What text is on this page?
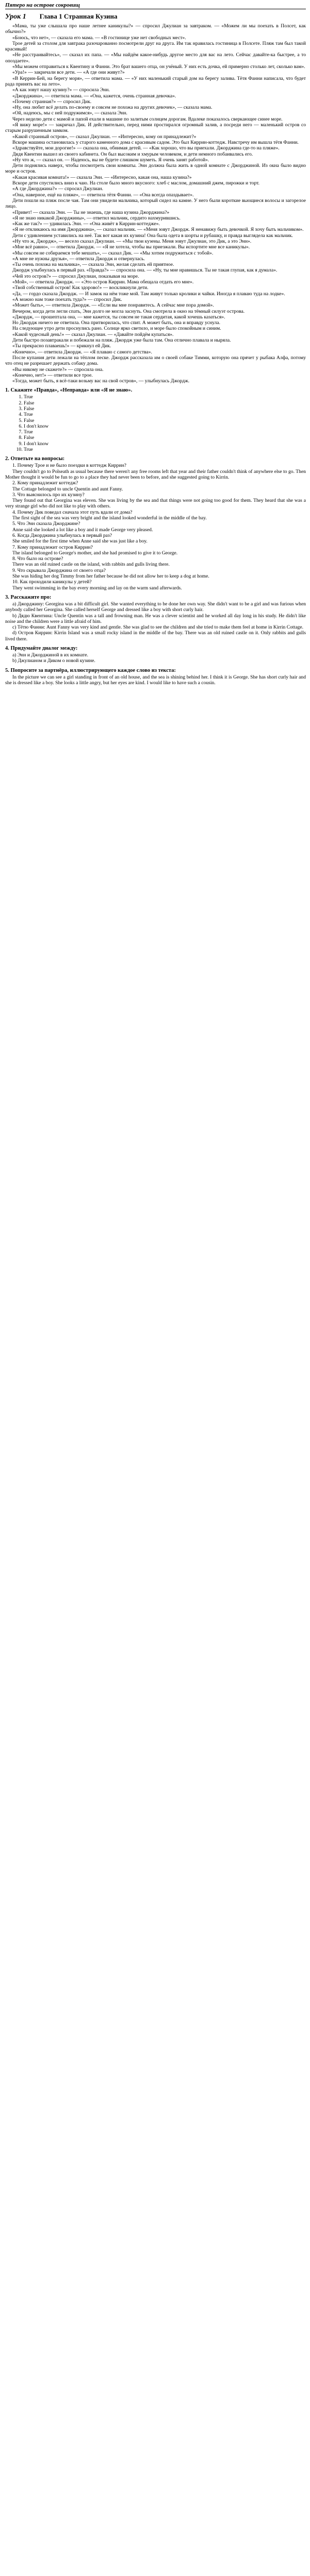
Пятеро на острове сокровищ
Урок 1 Глава 1 Странная Кузина

«Мама, ты уже слышала про наше летнее каникулы?» — спросил Джулиан за завтраком. — «Можем ли мы поехать в Полсет, как обычно?»

«Боюсь, что нет», — сказала его мама. — «В гостинице уже нет свободных мест».

Трое детей за столом для завтрака разочарованно посмотрели друг на друга. Им так нравилась гостиница в Полсете. Пляж там был такой красивый!

«Не расстраивайтесь», — сказал их папа. — «Мы найдём какое-нибудь другое место для вас на лето. Сейчас давайте-ка быстрее, а то опоздаете».

«Мы можем отправиться к Квентину и Фанни. Это брат вашего отца, он учёный. У них есть дочка, ей примерно столько лет, сколько вам».

«Ура!» — закричали все дети. — «А где они живут?»

«В Керрин-Бей, на берегу моря», — ответила мама. — «У них маленький старый дом на берегу залива. Тётя Фанни написала, что будет рада принять вас на лето».

«А как зовут нашу кузину?» — спросила Энн.

«Джорджина», — ответила мама. — «Она, кажется, очень странная девочка».

«Почему странная?» — спросил Дик.

«Ну, она любит всё делать по-своему и совсем не похожа на других девочек», — сказала мама.

«Ой, надеюсь, мы с ней подружимся», — сказала Энн.

Через неделю дети с мамой и папой ехали в машине по залитым солнцем дорогам. Вдалеке показалось сверкающее синее море.

«Я вижу море!» — закричал Дик. И действительно, перед ними простирался огромный залив, а посреди него — маленький остров со старым разрушенным замком.

«Какой странный остров», — сказал Джулиан. — «Интересно, кому он принадлежит?»

Вскоре машина остановилась у старого каменного дома с красивым садом. Это был Киррин-коттедж. Навстречу им вышла тётя Фанни.

«Здравствуйте, мои дорогие!» — сказала она, обнимая детей. — «Как хорошо, что вы приехали. Джорджина где-то на пляже».

Дядя Квентин вышел из своего кабинета. Он был высоким и хмурым человеком, и дети немного побаивались его.

«Ну что ж, — сказал он. — Надеюсь, вы не будете слишком шуметь. Я очень занят работой».

Дети поднялись наверх, чтобы посмотреть свои комнаты. Энн должна была жить в одной комнате с Джорджиной. Из окна было видно море и остров.

«Какая красивая комната!» — сказала Энн. — «Интересно, какая она, наша кузина?»

Вскоре дети спустились вниз к чаю. На столе было много вкусного: хлеб с маслом, домашний джем, пирожки и торт.

«А где Джорджина?» — спросил Джулиан.

«Она, наверное, ещё на пляже», — ответила тётя Фанни. — «Она всегда опаздывает».

Дети пошли на пляж после чая. Там они увидели мальчика, который сидел на камне. У него были короткие вьющиеся волосы и загорелое лицо.

«Привет! — сказала Энн. — Ты не знаешь, где наша кузина Джорджина?»

«Я не знаю никакой Джорджины», — ответил мальчик, сердито нахмурившись.

«Как же так?» — удивилась Энн. — «Она живёт в Киррин-коттедже».

«Я не откликаюсь на имя Джорджина», — сказал мальчик. — «Меня зовут Джордж. Я ненавижу быть девочкой. Я хочу быть мальчиком».

Дети с удивлением уставились на неё. Так вот какая их кузина! Она была одета в шорты и рубашку, и правда выглядела как мальчик.

«Ну что ж, Джордж», — весело сказал Джулиан. — «Мы твои кузены. Меня зовут Джулиан, это Дик, а это Энн».

«Мне всё равно», — ответила Джордж. — «Я не хотела, чтобы вы приезжали. Вы испортите мне все каникулы».

«Мы совсем не собираемся тебе мешать», — сказал Дик. — «Мы хотим подружиться с тобой».

«А мне не нужны друзья», — ответила Джордж и отвернулась.

«Ты очень похожа на мальчика», — сказала Энн, желая сделать ей приятное.

Джордж улыбнулась в первый раз. «Правда?» — спросила она. — «Ну, ты мне нравишься. Ты не такая глупая, как я думала».

«Чей это остров?» — спросил Джулиан, показывая на море.

«Мой», — ответила Джордж. — «Это остров Киррин. Мама обещала отдать его мне».

«Твой собственный остров! Как здорово!» — воскликнули дети.

«Да, — гордо сказала Джордж. — И замок на нём тоже мой. Там живут только кролики и чайки. Иногда я плаваю туда на лодке».

«А можно нам тоже поехать туда?» — спросил Дик.

«Может быть», — ответила Джордж. — «Если вы мне понравитесь. А сейчас мне пора домой».

Вечером, когда дети легли спать, Энн долго не могла заснуть. Она смотрела в окно на тёмный силуэт острова.

«Джордж, — прошептала она, — мне кажется, ты совсем не такая сердитая, какой хочешь казаться».

Но Джордж ничего не ответила. Она притворилась, что спит. А может быть, она и вправду уснула.

На следующее утро дети проснулись рано. Солнце ярко светило, и море было спокойным и синим.

«Какой чудесный день!» — сказал Джулиан. — «Давайте пойдём купаться».

Дети быстро позавтракали и побежали на пляж. Джордж уже была там. Она отлично плавала и ныряла.

«Ты прекрасно плаваешь!» — крикнул ей Дик.

«Конечно», — ответила Джордж. — «Я плаваю с самого детства».

После купания дети лежали на тёплом песке. Джордж рассказала им о своей собаке Тимми, которую она прячет у рыбака Алфа, потому что отец не разрешает держать собаку дома.

«Вы никому не скажете?» — спросила она.

«Конечно, нет!» — ответили все трое.

«Тогда, может быть, я всё-таки возьму вас на свой остров», — улыбнулась Джордж.

1. Скажите «Правда», «Неправда» или «Я не знаю».
1. True
2. False
3. False
4. True
5. False
6. I don't know
7. True
8. False
9. I don't know
10. True
2. Ответьте на вопросы:

1. Почему Трое и не было поездки в коттедж Киррин?

They couldn't go to Polseath as usual because there weren't any free rooms left that year and their father couldn't think of anywhere else to go. Then Mother thought it would be fun to go to a place they had never been to before, and she suggested going to Kirrin.

2. Кому принадлежит коттедж?

The Cottage belonged to uncle Quentin and aunt Fanny.

3. Что выяснилось про их кузину?

They found out that Georgina was eleven. She was living by the sea and that things were not going too good for them. They heard that she was a very strange girl who did not like to play with others.

4. Почему Дик поведал сначала этот путь вдали от дома?

The first sight of the sea was very bright and the island looked wonderful in the middle of the bay.

5. Что Энн сказала Джорджине?

Anne said she looked a lot like a boy and it made George very pleased.

6. Когда Джорджина улыбнулась в первый раз?

She smiled for the first time when Anne said she was just like a boy.

7. Кому принадлежит остров Киррин?

The island belonged to George's mother, and she had promised to give it to George.

8. Что было на острове?

There was an old ruined castle on the island, with rabbits and gulls living there.

9. Что скрывала Джорджина от своего отца?

She was hiding her dog Timmy from her father because he did not allow her to keep a dog at home.

10. Как проходили каникулы у детей?

They went swimming in the bay every morning and lay on the warm sand afterwards.

3. Расскажите про:

a) Джорджину: Georgina was a bit difficult girl. She wanted everything to be done her own way. She didn't want to be a girl and was furious when anybody called her Georgina. She called herself George and dressed like a boy with short curly hair.

b) Дядю Квентина: Uncle Quentin was a tall and frowning man. He was a clever scientist and he worked all day long in his study. He didn't like noise and the children were a little afraid of him.

c) Тётю Фанни: Aunt Fanny was very kind and gentle. She was glad to see the children and she tried to make them feel at home in Kirrin Cottage.

d) Остров Киррин: Kirrin Island was a small rocky island in the middle of the bay. There was an old ruined castle on it. Only rabbits and gulls lived there.

4. Придумайте диалог между:

a) Энн и Джорджиной в их комнате.

b) Джулианом и Диком о новой кузине.

5. Попросите за партнёра, иллюстрирующего каждое слово из текста:

In the picture we can see a girl standing in front of an old house, and the sea is shining behind her. I think it is George. She has short curly hair and she is dressed like a boy. She looks a little angry, but her eyes are kind. I would like to have such a cousin.
